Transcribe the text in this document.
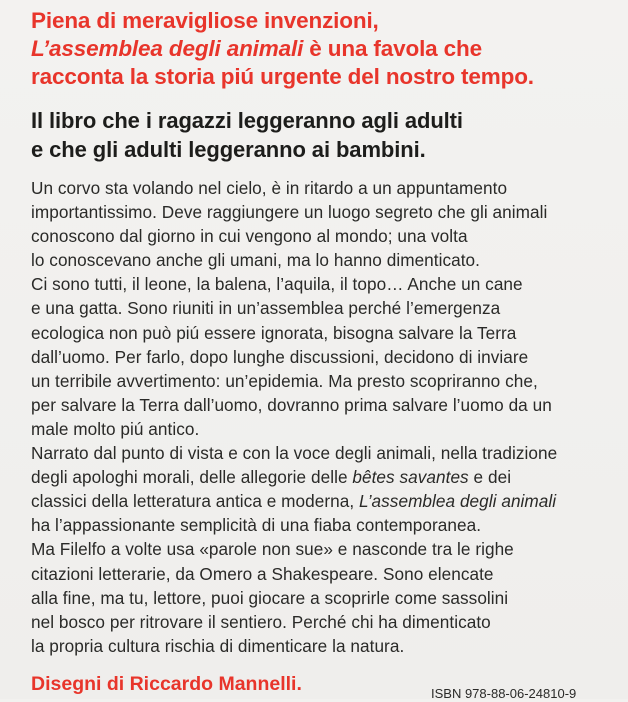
Piena di meravigliose invenzioni,
L’assemblea degli animali è una favola che
racconta la storia piú urgente del nostro tempo.
Il libro che i ragazzi leggeranno agli adulti
e che gli adulti leggeranno ai bambini.
Un corvo sta volando nel cielo, è in ritardo a un appuntamento
importantissimo. Deve raggiungere un luogo segreto che gli animali
conoscono dal giorno in cui vengono al mondo; una volta
lo conoscevano anche gli umani, ma lo hanno dimenticato.
Ci sono tutti, il leone, la balena, l’aquila, il topo… Anche un cane
e una gatta. Sono riuniti in un’assemblea perché l’emergenza
ecologica non può piú essere ignorata, bisogna salvare la Terra
dall’uomo. Per farlo, dopo lunghe discussioni, decidono di inviare
un terribile avvertimento: un’epidemia. Ma presto scopriranno che,
per salvare la Terra dall’uomo, dovranno prima salvare l’uomo da un
male molto piú antico.
Narrato dal punto di vista e con la voce degli animali, nella tradizione
degli apologhi morali, delle allegorie delle bêtes savantes e dei
classici della letteratura antica e moderna, L’assemblea degli animali
ha l’appassionante semplicità di una fiaba contemporanea.
Ma Filelfo a volte usa «parole non sue» e nasconde tra le righe
citazioni letterarie, da Omero a Shakespeare. Sono elencate
alla fine, ma tu, lettore, puoi giocare a scoprirle come sassolini
nel bosco per ritrovare il sentiero. Perché chi ha dimenticato
la propria cultura rischia di dimenticare la natura.
Disegni di Riccardo Mannelli.	ISBN 978-88-06-24810-9
